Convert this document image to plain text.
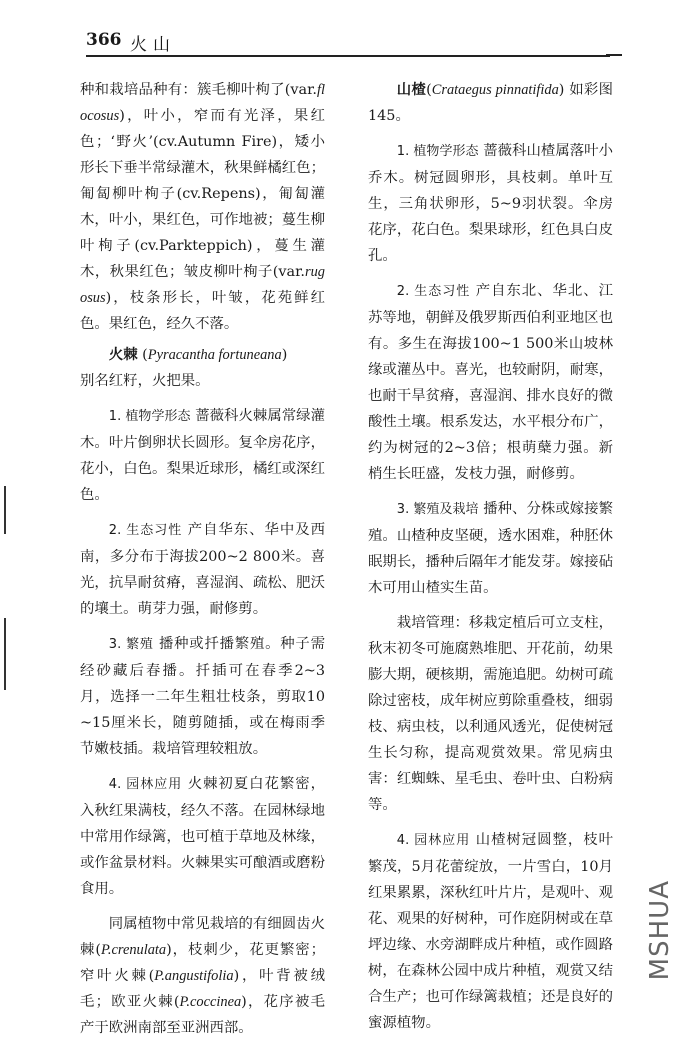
366 火山

种和栽培品种有：簇毛柳叶枸了(var.flocosus)，叶小，窄而有光泽，果红色；‘野火’(cv.Autumn Fire)，矮小形长下垂半常绿灌木，秋果鲜橘红色；匍匐柳叶栒子(cv.Repens)，匍匐灌木，叶小，果红色，可作地被；蔓生柳叶栒子(cv.Parkteppich)，蔓生灌木，秋果红色；皱皮柳叶栒子(var.rugosus)，枝条形长，叶皱，花苑鲜红色。果红色，经久不落。

火棘 (Pyracantha fortuneana)

别名红籽，火把果。

1. 植物学形态 蔷薇科火棘属常绿灌木。叶片倒卵状长圆形。复伞房花序，花小，白色。梨果近球形，橘红或深红色。

2. 生态习性 产自华东、华中及西南，多分布于海拔200~2 800米。喜光，抗旱耐贫瘠，喜湿润、疏松、肥沃的壤土。萌芽力强，耐修剪。

3. 繁殖 播种或扦播繁殖。种子需经砂藏后春播。扦插可在春季2~3月，选择一二年生粗壮枝条，剪取10~15厘米长，随剪随插，或在梅雨季节嫩枝插。栽培管理较粗放。

4. 园林应用 火棘初夏白花繁密，入秋红果满枝，经久不落。在园林绿地中常用作绿篱，也可植于草地及林缘，或作盆景材料。火棘果实可酿酒或磨粉食用。

同属植物中常见栽培的有细圆齿火棘(P.crenulata)，枝刺少，花更繁密；窄叶火棘(P.angustifolia)，叶背被绒毛；欧亚火棘(P.coccinea)，花序被毛产于欧洲南部至亚洲西部。

山楂(Crataegus pinnatifida) 如彩图145。

1. 植物学形态 蔷薇科山楂属落叶小乔木。树冠圆卵形，具枝刺。单叶互生，三角状卵形，5~9羽状裂。伞房花序，花白色。梨果球形，红色具白皮孔。

2. 生态习性 产自东北、华北、江苏等地，朝鲜及俄罗斯西伯利亚地区也有。多生在海拔100~1 500米山坡林缘或灌丛中。喜光，也较耐阴，耐寒，也耐干旱贫瘠，喜湿润、排水良好的微酸性土壤。根系发达，水平根分布广，约为树冠的2~3倍；根萌蘖力强。新梢生长旺盛，发枝力强，耐修剪。

3. 繁殖及栽培 播种、分株或嫁接繁殖。山楂种皮坚硬，透水困难，种胚休眠期长，播种后隔年才能发芽。嫁接砧木可用山楂实生苗。

栽培管理：移栽定植后可立支柱，秋末初冬可施腐熟堆肥、开花前，幼果膨大期，硬核期，需施追肥。幼树可疏除过密枝，成年树应剪除重叠枝，细弱枝、病虫枝，以利通风透光，促使树冠生长匀称，提高观赏效果。常见病虫害：红蜘蛛、星毛虫、卷叶虫、白粉病等。

4. 园林应用 山楂树冠圆整，枝叶繁茂，5月花蕾绽放，一片雪白，10月红果累累，深秋红叶片片，是观叶、观花、观果的好树种，可作庭阴树或在草坪边缘、水旁湖畔成片种植，或作圆路树，在森林公园中成片种植，观赏又结合生产；也可作绿篱栽植；还是良好的蜜源植物。

MSHUA
